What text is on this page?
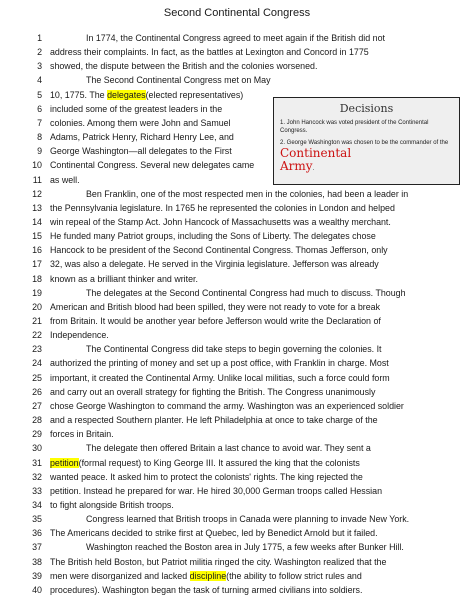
Second Continental Congress
1	In 1774, the Continental Congress agreed to meet again if the British did not
2 address their complaints. In fact, as the battles at Lexington and Concord in 1775
3 showed, the dispute between the British and the colonies worsened.
4	The Second Continental Congress met on May
5 10, 1775. The delegates(elected representatives)
6 included some of the greatest leaders in the
7 colonies. Among them were John and Samuel
8 Adams, Patrick Henry, Richard Henry Lee, and
9 George Washington—all delegates to the First
10 Continental Congress. Several new delegates came
11 as well.
12	Ben Franklin, one of the most respected men in the colonies, had been a leader in
13 the Pennsylvania legislature. In 1765 he represented the colonies in London and helped
14 win repeal of the Stamp Act. John Hancock of Massachusetts was a wealthy merchant.
15 He funded many Patriot groups, including the Sons of Liberty. The delegates chose
16 Hancock to be president of the Second Continental Congress. Thomas Jefferson, only
17 32, was also a delegate. He served in the Virginia legislature. Jefferson was already
18 known as a brilliant thinker and writer.
19	The delegates at the Second Continental Congress had much to discuss. Though
20 American and British blood had been spilled, they were not ready to vote for a break
21 from Britain. It would be another year before Jefferson would write the Declaration of
22 Independence.
23	The Continental Congress did take steps to begin governing the colonies. It
24 authorized the printing of money and set up a post office, with Franklin in charge. Most
25 important, it created the Continental Army. Unlike local militias, such a force could form
26 and carry out an overall strategy for fighting the British. The Congress unanimously
27 chose George Washington to command the army. Washington was an experienced soldier
28 and a respected Southern planter. He left Philadelphia at once to take charge of the
29 forces in Britain.
30	The delegate then offered Britain a last chance to avoid war. They sent a
31 petition(formal request) to King George III. It assured the king that the colonists
32 wanted peace. It asked him to protect the colonists' rights. The king rejected the
33 petition. Instead he prepared for war. He hired 30,000 German troops called Hessian
34 to fight alongside British troops.
35	Congress learned that British troops in Canada were planning to invade New York.
36 The Americans decided to strike first at Quebec, led by Benedict Arnold but it failed.
37	Washington reached the Boston area in July 1775, a few weeks after Bunker Hill.
38 The British held Boston, but Patriot militia ringed the city. Washington realized that the
39 men were disorganized and lacked discipline(the ability to follow strict rules and
40 procedures). Washington began the task of turning armed civilians into soldiers.
Decisions
1. John Hancock was voted president of the Continental Congress.
2. George Washington was chosen to be the commander of the Continental
Army.
